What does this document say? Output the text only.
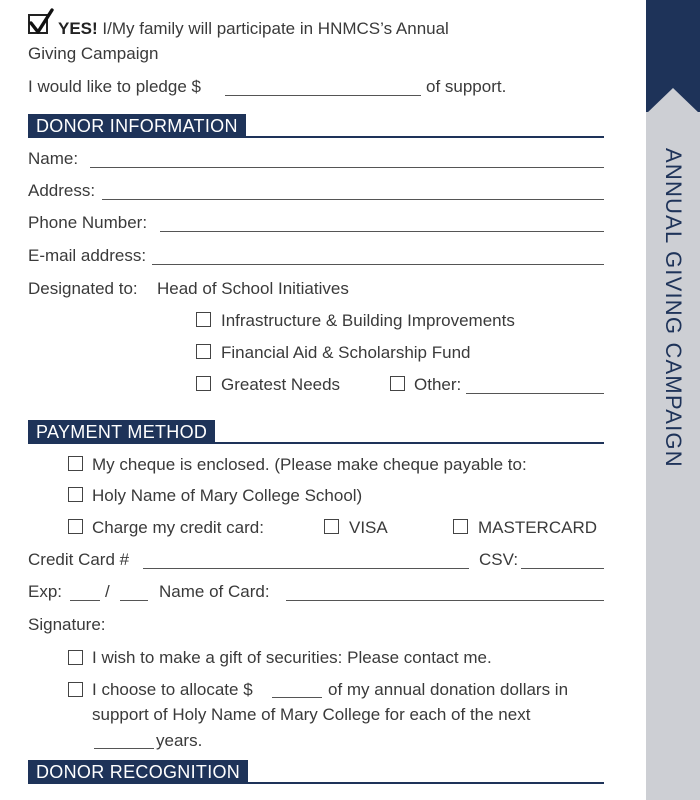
YES! I/My family will participate in HNMCS’s Annual
Giving Campaign
I would like to pledge $	of support.
DONOR INFORMATION
Name:
Address:
Phone Number:
E-mail address:
Designated to: Head of School Initiatives
Infrastructure & Building Improvements
Financial Aid & Scholarship Fund
Greatest Needs	Other:
PAYMENT METHOD
My cheque is enclosed. (Please make cheque payable to:
Holy Name of Mary College School)
Charge my credit card:	VISA	MASTERCARD
Credit Card #	CSV:
Exp:	/	Name of Card:
Signature:
I wish to make a gift of securities: Please contact me.
I choose to allocate $	of my annual donation dollars in
support of Holy Name of Mary College for each of the next
years.
DONOR RECOGNITION
ANNUAL GIVING CAMPAIGN
